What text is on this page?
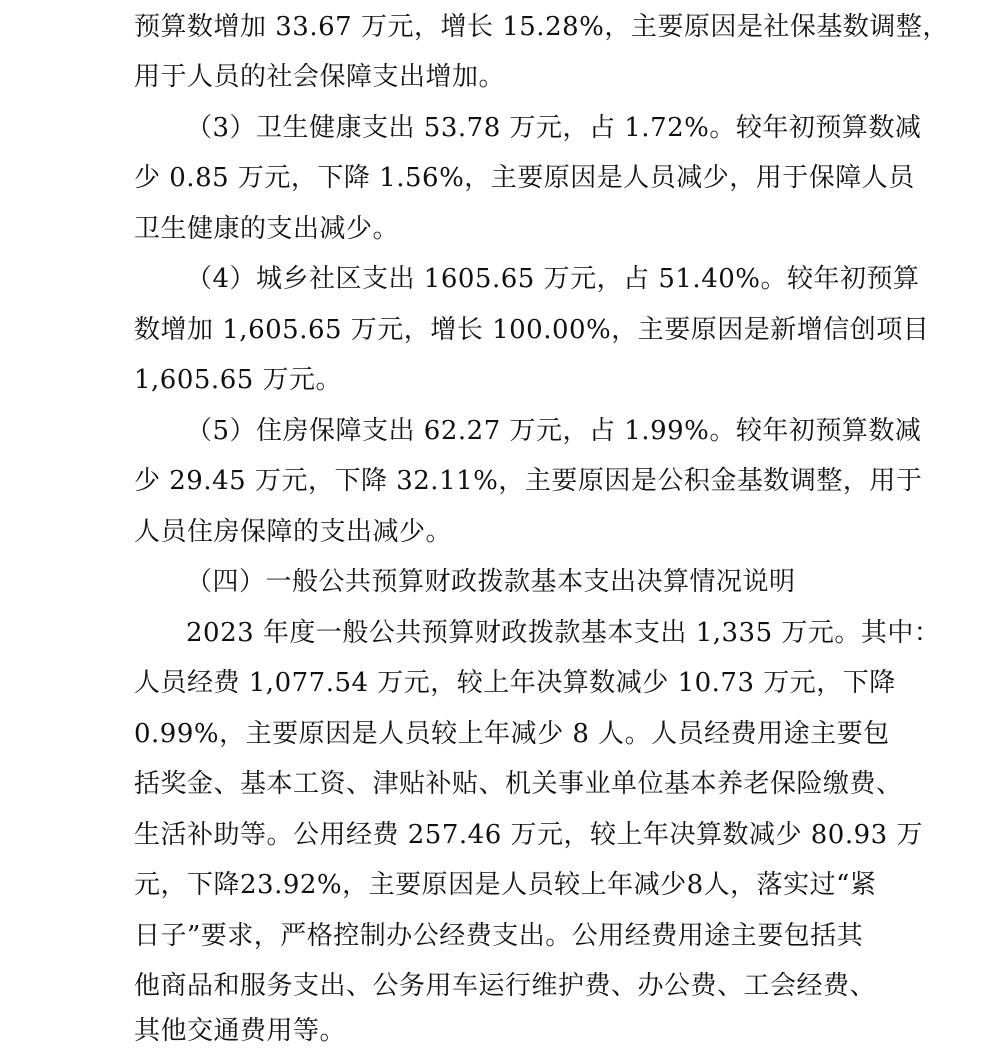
预算数增加 33.67 万元，增长 15.28%，主要原因是社保基数调整，
用于人员的社会保障支出增加。
（3）卫生健康支出 53.78 万元，占 1.72%。较年初预算数减
少 0.85 万元，下降 1.56%，主要原因是人员减少，用于保障人员
卫生健康的支出减少。
（4）城乡社区支出 1605.65 万元，占 51.40%。较年初预算
数增加 1,605.65 万元，增长 100.00%，主要原因是新增信创项目
1,605.65 万元。
（5）住房保障支出 62.27 万元，占 1.99%。较年初预算数减
少 29.45 万元，下降 32.11%，主要原因是公积金基数调整，用于
人员住房保障的支出减少。
（四）一般公共预算财政拨款基本支出决算情况说明
2023 年度一般公共预算财政拨款基本支出 1,335 万元。其中：
人员经费 1,077.54 万元，较上年决算数减少 10.73 万元，下降
0.99%，主要原因是人员较上年减少 8 人。人员经费用途主要包
括奖金、基本工资、津贴补贴、机关事业单位基本养老保险缴费、
生活补助等。公用经费 257.46 万元，较上年决算数减少 80.93 万
元，下降23.92%，主要原因是人员较上年减少8人，落实过“紧
日子”要求，严格控制办公经费支出。公用经费用途主要包括其
他商品和服务支出、公务用车运行维护费、办公费、工会经费、
其他交通费用等。
